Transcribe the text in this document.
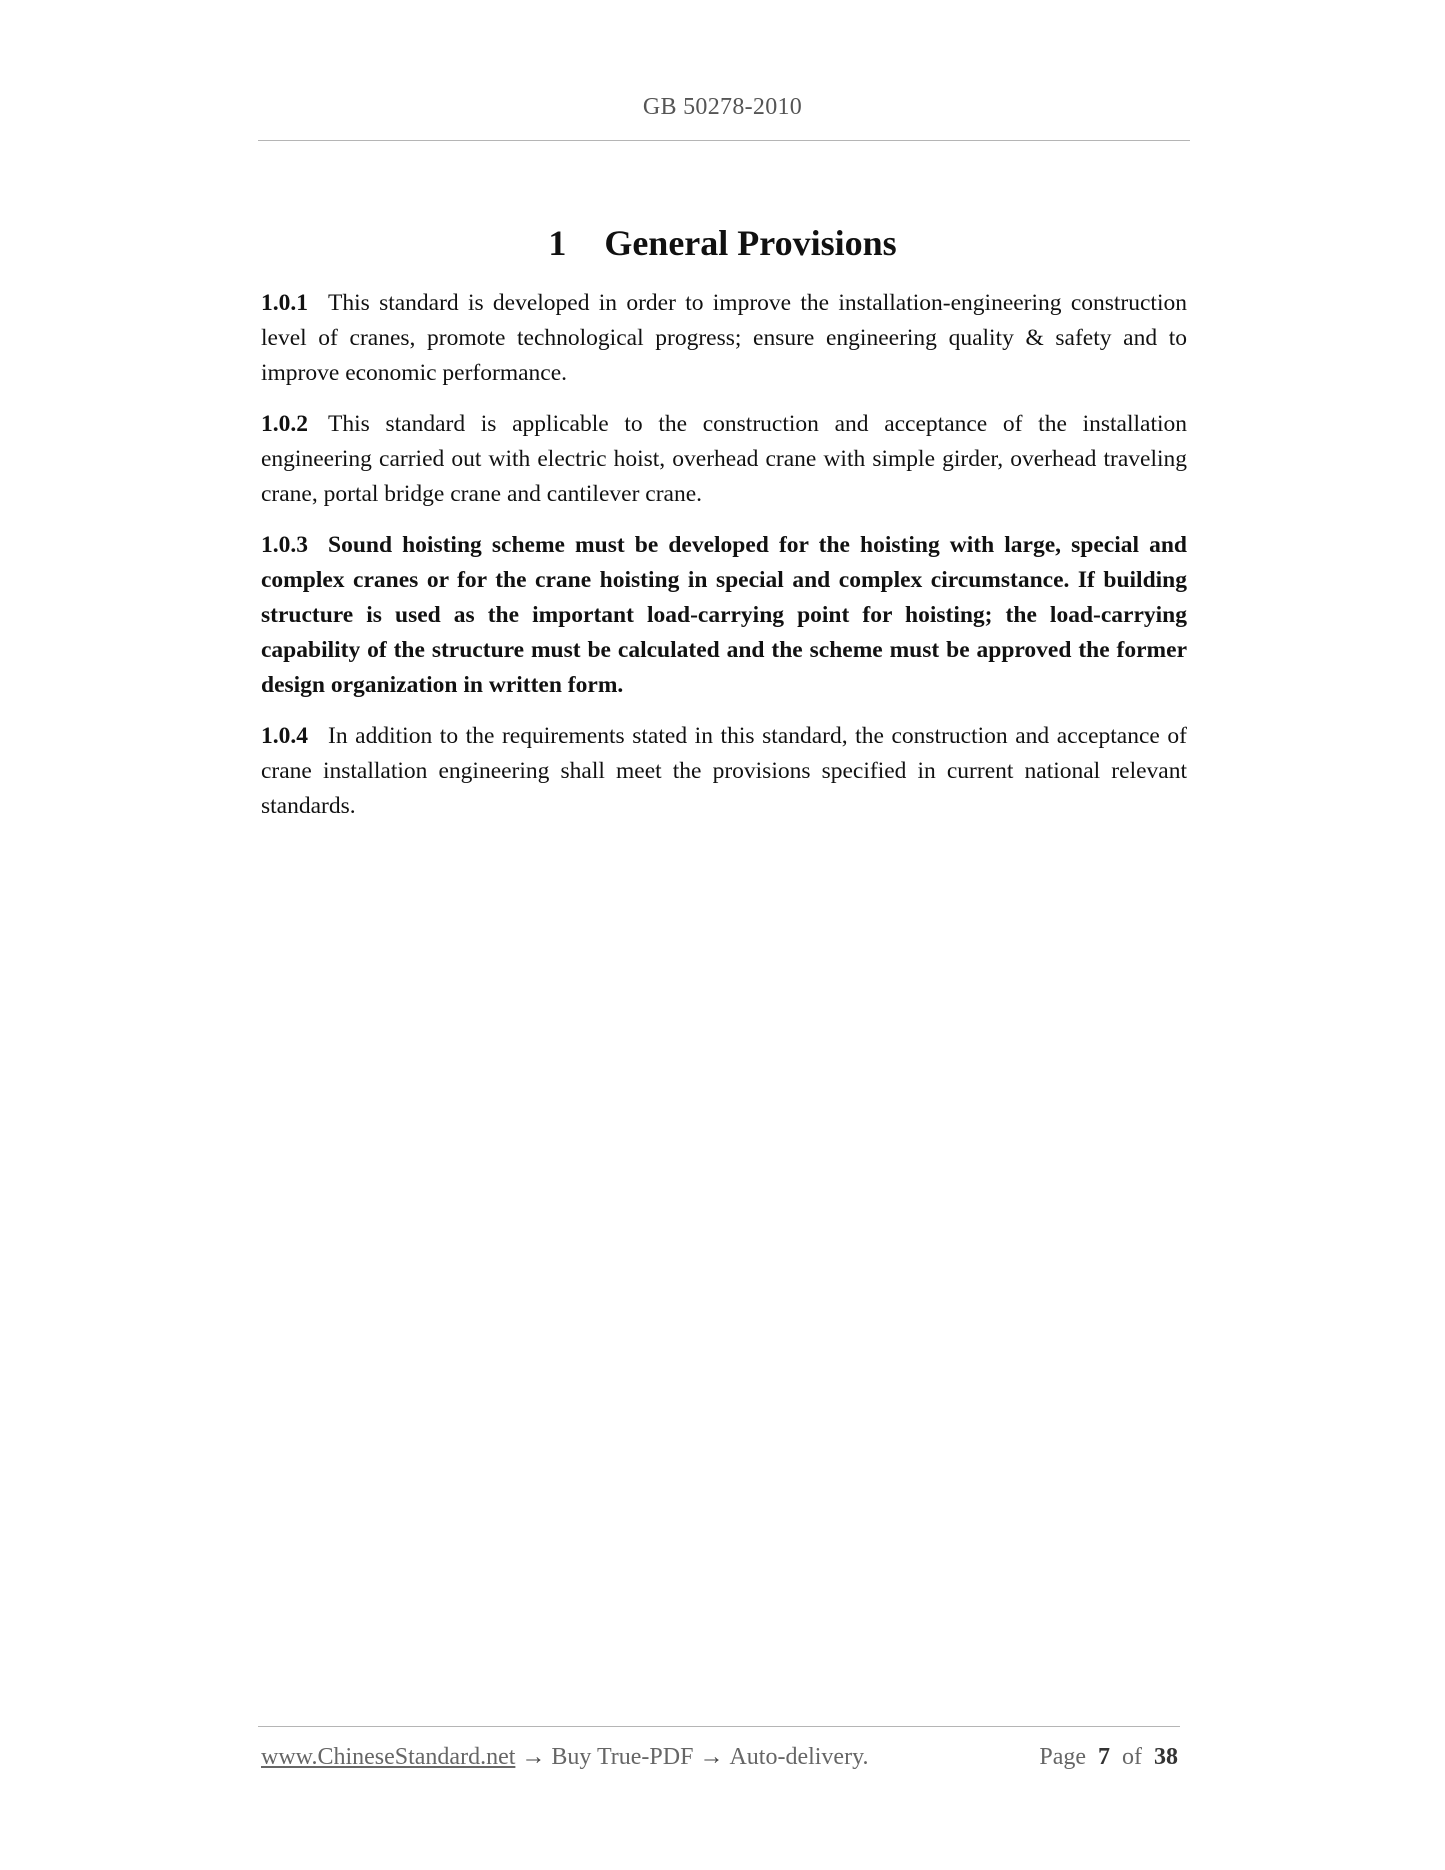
GB 50278-2010
1 General Provisions

1.0.1 This standard is developed in order to improve the installation-engineering construction level of cranes, promote technological progress; ensure engineering quality & safety and to improve economic performance.

1.0.2 This standard is applicable to the construction and acceptance of the installation engineering carried out with electric hoist, overhead crane with simple girder, overhead traveling crane, portal bridge crane and cantilever crane.

1.0.3 Sound hoisting scheme must be developed for the hoisting with large, special and complex cranes or for the crane hoisting in special and complex circumstance. If building structure is used as the important load-carrying point for hoisting; the load-carrying capability of the structure must be calculated and the scheme must be approved the former design organization in written form.

1.0.4 In addition to the requirements stated in this standard, the construction and acceptance of crane installation engineering shall meet the provisions specified in current national relevant standards.

www.ChineseStandard.net → Buy True-PDF → Auto-delivery.	Page 7 of 38
